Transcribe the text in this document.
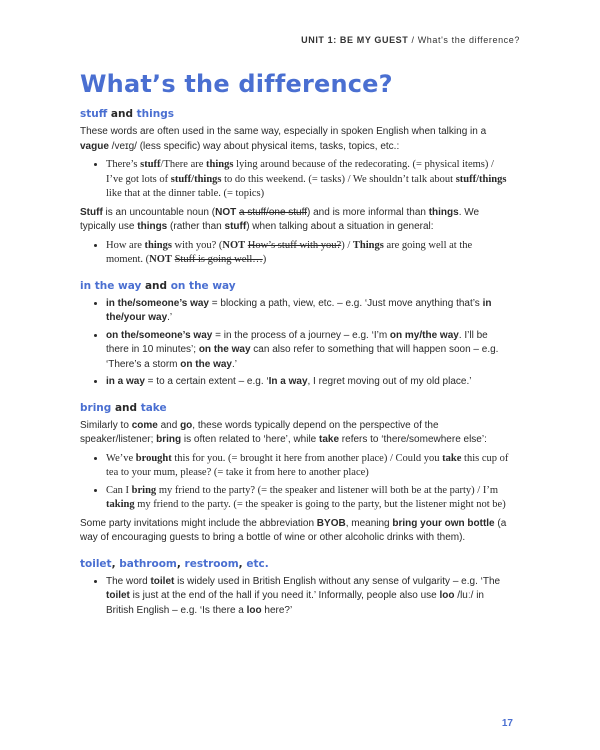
UNIT 1: BE MY GUEST / What's the difference?
What’s the difference?
stuff and things

These words are often used in the same way, especially in spoken English when talking in a vague /veɪɡ/ (less specific) way about physical items, tasks, topics, etc.:

• There’s stuff/There are things lying around because of the redecorating. (= physical items) / I’ve got lots of stuff/things to do this weekend. (= tasks) / We shouldn’t talk about stuff/things like that at the dinner table. (= topics)

Stuff is an uncountable noun (NOT a stuff/one stuff) and is more informal than things. We typically use things (rather than stuff) when talking about a situation in general:

• How are things with you? (NOT How’s stuff with you?) / Things are going well at the moment. (NOT Stuff is going well…)
in the way and on the way
• in the/someone’s way = blocking a path, view, etc. – e.g. ‘Just move anything that’s in the/your way.’
• on the/someone’s way = in the process of a journey – e.g. ‘I’m on my/the way. I’ll be there in 10 minutes’; on the way can also refer to something that will happen soon – e.g. ‘There’s a storm on the way.’
• in a way = to a certain extent – e.g. ‘In a way, I regret moving out of my old place.’
bring and take

Similarly to come and go, these words typically depend on the perspective of the speaker/listener; bring is often related to ‘here’, while take refers to ‘there/somewhere else’:

• We’ve brought this for you. (= brought it here from another place) / Could you take this cup of tea to your mum, please? (= take it from here to another place)
• Can I bring my friend to the party? (= the speaker and listener will both be at the party) / I’m taking my friend to the party. (= the speaker is going to the party, but the listener might not be)

Some party invitations might include the abbreviation BYOB, meaning bring your own bottle (a way of encouraging guests to bring a bottle of wine or other alcoholic drinks with them).

toilet, bathroom, restroom, etc.
• The word toilet is widely used in British English without any sense of vulgarity – e.g. ‘The toilet is just at the end of the hall if you need it.’ Informally, people also use loo /luː/ in British English – e.g. ‘Is there a loo here?’
17
